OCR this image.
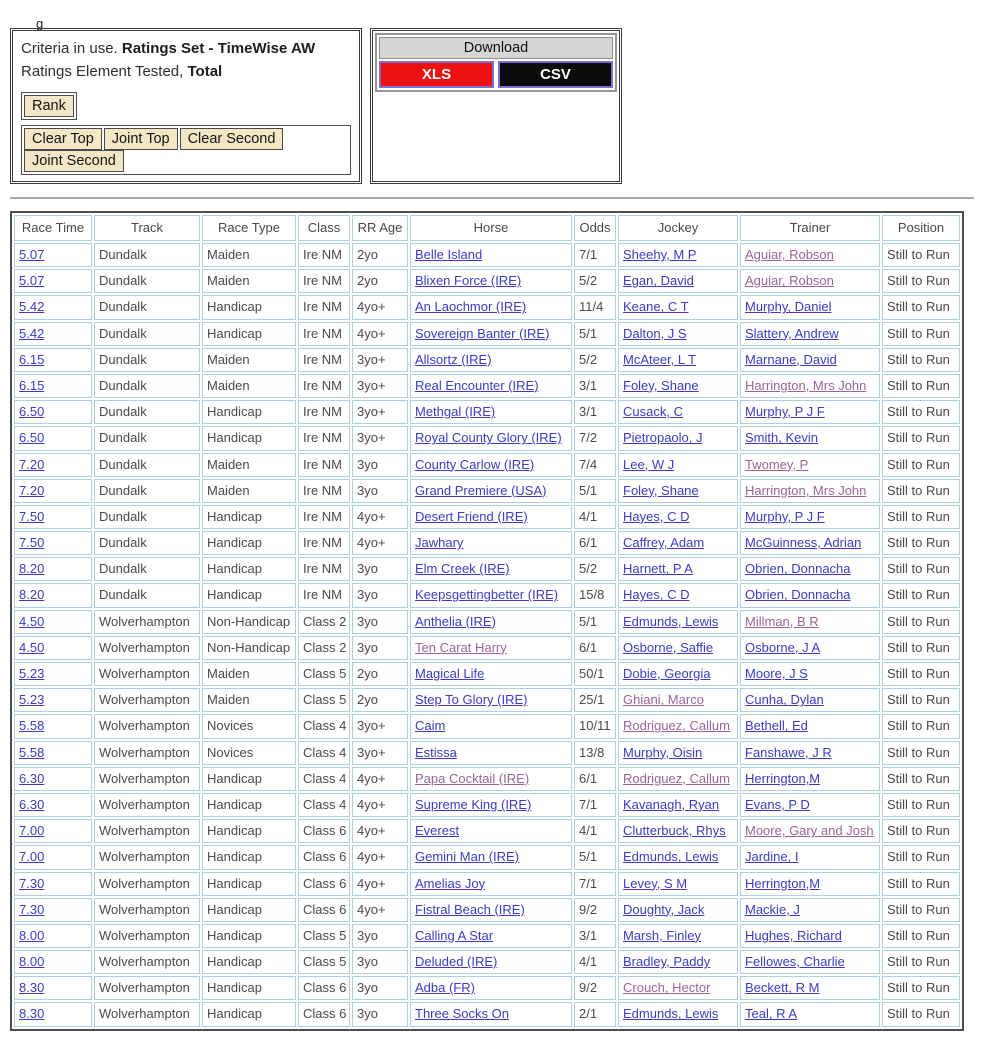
g
Criteria in use. Ratings Set - TimeWise AW Ratings Element Tested, Total
Rank
Clear Top Joint Top Clear SecondJoint Second
Download
XLS	CSV
Race Time	Track	Race Type	Class	RR Age	Horse	Odds	Jockey	Trainer	Position
5.07	Dundalk	Maiden	Ire NM	2yo	Belle Island	7/1	Sheehy, M P	Aguiar, Robson	Still to Run
5.07	Dundalk	Maiden	Ire NM	2yo	Blixen Force (IRE)	5/2	Egan, David	Aguiar, Robson	Still to Run
5.42	Dundalk	Handicap	Ire NM	4yo+	An Laochmor (IRE)	11/4	Keane, C T	Murphy, Daniel	Still to Run
5.42	Dundalk	Handicap	Ire NM	4yo+	Sovereign Banter (IRE)	5/1	Dalton, J S	Slattery, Andrew	Still to Run
6.15	Dundalk	Maiden	Ire NM	3yo+	Allsortz (IRE)	5/2	McAteer, L T	Marnane, David	Still to Run
6.15	Dundalk	Maiden	Ire NM	3yo+	Real Encounter (IRE)	3/1	Foley, Shane	Harrington, Mrs John	Still to Run
6.50	Dundalk	Handicap	Ire NM	3yo+	Methgal (IRE)	3/1	Cusack, C	Murphy, P J F	Still to Run
6.50	Dundalk	Handicap	Ire NM	3yo+	Royal County Glory (IRE)	7/2	Pietropaolo, J	Smith, Kevin	Still to Run
7.20	Dundalk	Maiden	Ire NM	3yo	County Carlow (IRE)	7/4	Lee, W J	Twomey, P	Still to Run
7.20	Dundalk	Maiden	Ire NM	3yo	Grand Premiere (USA)	5/1	Foley, Shane	Harrington, Mrs John	Still to Run
7.50	Dundalk	Handicap	Ire NM	4yo+	Desert Friend (IRE)	4/1	Hayes, C D	Murphy, P J F	Still to Run
7.50	Dundalk	Handicap	Ire NM	4yo+	Jawhary	6/1	Caffrey, Adam	McGuinness, Adrian	Still to Run
8.20	Dundalk	Handicap	Ire NM	3yo	Elm Creek (IRE)	5/2	Harnett, P A	Obrien, Donnacha	Still to Run
8.20	Dundalk	Handicap	Ire NM	3yo	Keepsgettingbetter (IRE)	15/8	Hayes, C D	Obrien, Donnacha	Still to Run
4.50	Wolverhampton	Non-Handicap	Class 2	3yo	Anthelia (IRE)	5/1	Edmunds, Lewis	Millman, B R	Still to Run
4.50	Wolverhampton	Non-Handicap	Class 2	3yo	Ten Carat Harry	6/1	Osborne, Saffie	Osborne, J A	Still to Run
5.23	Wolverhampton	Maiden	Class 5	2yo	Magical Life	50/1	Dobie, Georgia	Moore, J S	Still to Run
5.23	Wolverhampton	Maiden	Class 5	2yo	Step To Glory (IRE)	25/1	Ghiani, Marco	Cunha, Dylan	Still to Run
5.58	Wolverhampton	Novices	Class 4	3yo+	Caim	10/11	Rodriguez, Callum	Bethell, Ed	Still to Run
5.58	Wolverhampton	Novices	Class 4	3yo+	Estissa	13/8	Murphy, Oisin	Fanshawe, J R	Still to Run
6.30	Wolverhampton	Handicap	Class 4	4yo+	Papa Cocktail (IRE)	6/1	Rodriguez, Callum	Herrington,M	Still to Run
6.30	Wolverhampton	Handicap	Class 4	4yo+	Supreme King (IRE)	7/1	Kavanagh, Ryan	Evans, P D	Still to Run
7.00	Wolverhampton	Handicap	Class 6	4yo+	Everest	4/1	Clutterbuck, Rhys	Moore, Gary and Josh	Still to Run
7.00	Wolverhampton	Handicap	Class 6	4yo+	Gemini Man (IRE)	5/1	Edmunds, Lewis	Jardine, I	Still to Run
7.30	Wolverhampton	Handicap	Class 6	4yo+	Amelias Joy	7/1	Levey, S M	Herrington,M	Still to Run
7.30	Wolverhampton	Handicap	Class 6	4yo+	Fistral Beach (IRE)	9/2	Doughty, Jack	Mackie, J	Still to Run
8.00	Wolverhampton	Handicap	Class 5	3yo	Calling A Star	3/1	Marsh, Finley	Hughes, Richard	Still to Run
8.00	Wolverhampton	Handicap	Class 5	3yo	Deluded (IRE)	4/1	Bradley, Paddy	Fellowes, Charlie	Still to Run
8.30	Wolverhampton	Handicap	Class 6	3yo	Adba (FR)	9/2	Crouch, Hector	Beckett, R M	Still to Run
8.30	Wolverhampton	Handicap	Class 6	3yo	Three Socks On	2/1	Edmunds, Lewis	Teal, R A	Still to Run
